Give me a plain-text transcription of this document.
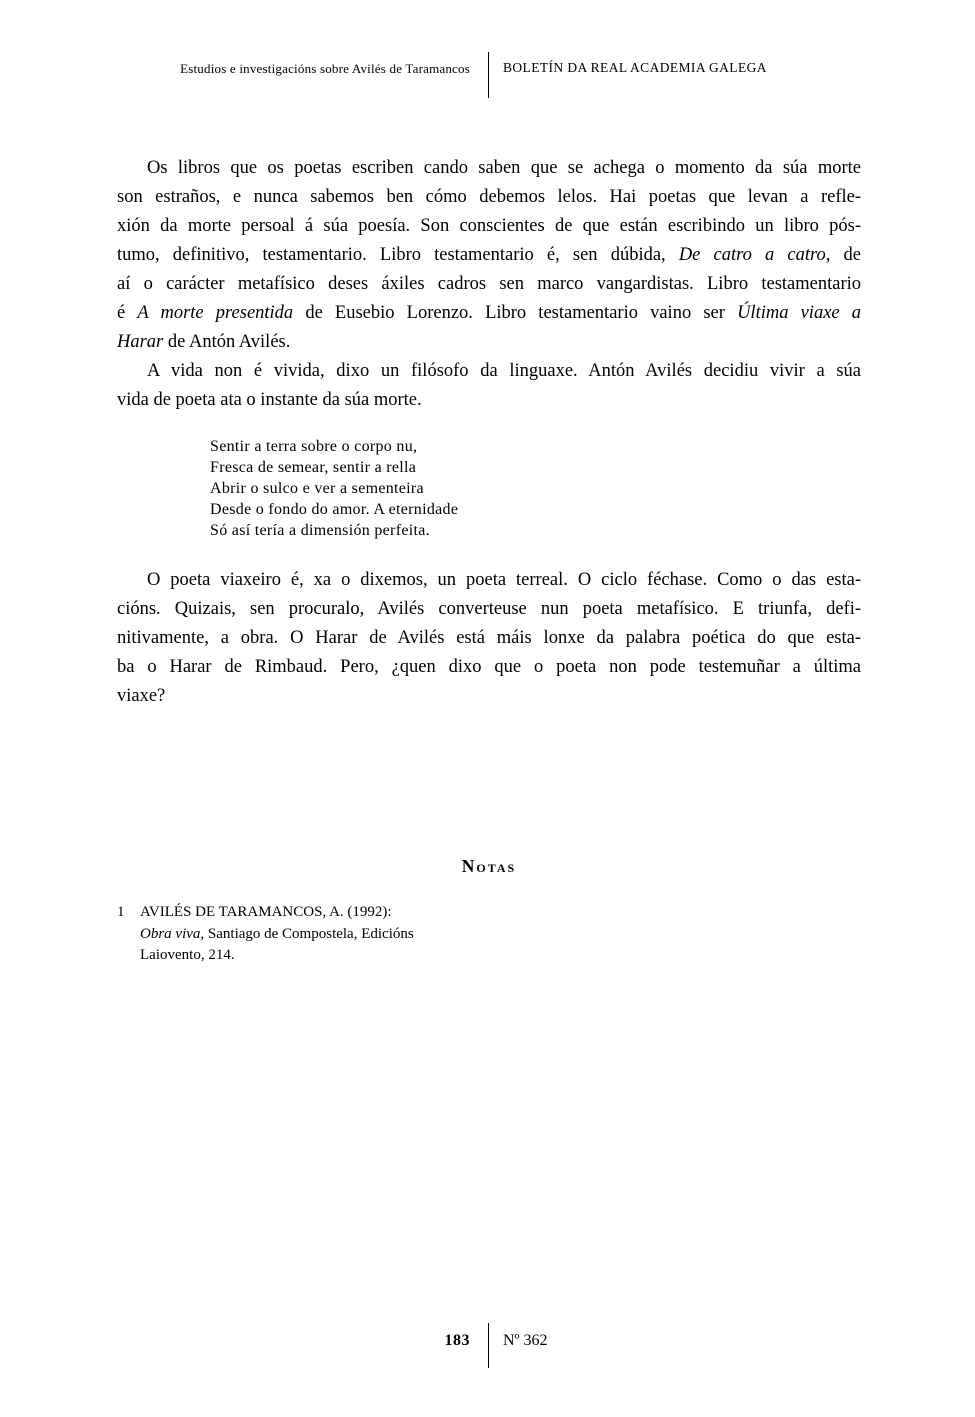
Estudios e investigacións sobre Avilés de Taramancos BOLETÍN DA REAL ACADEMIA GALEGA
Os libros que os poetas escriben cando saben que se achega o momento da súa morte
son estraños, e nunca sabemos ben cómo debemos lelos. Hai poetas que levan a refle-
xión da morte persoal á súa poesía. Son conscientes de que están escribindo un libro pós-
tumo, definitivo, testamentario. Libro testamentario é, sen dúbida, De catro a catro, de
aí o carácter metafísico deses áxiles cadros sen marco vangardistas. Libro testamentario
é A morte presentida de Eusebio Lorenzo. Libro testamentario vaino ser Última viaxe a
Harar de Antón Avilés.
A vida non é vivida, dixo un filósofo da linguaxe. Antón Avilés decidiu vivir a súa
vida de poeta ata o instante da súa morte.
Sentir a terra sobre o corpo nu,
Fresca de semear, sentir a rella
Abrir o sulco e ver a sementeira
Desde o fondo do amor. A eternidade
Só así tería a dimensión perfeita.
O poeta viaxeiro é, xa o dixemos, un poeta terreal. O ciclo féchase. Como o das esta-
cións. Quizais, sen procuralo, Avilés converteuse nun poeta metafísico. E triunfa, defi-
nitivamente, a obra. O Harar de Avilés está máis lonxe da palabra poética do que esta-
ba o Harar de Rimbaud. Pero, ¿quen dixo que o poeta non pode testemuñar a última
viaxe?
Notas
1	AVILÉS DE TARAMANCOS, A. (1992):
Obra viva, Santiago de Compostela, Edicións
Laiovento, 214.
183 Nº 362
